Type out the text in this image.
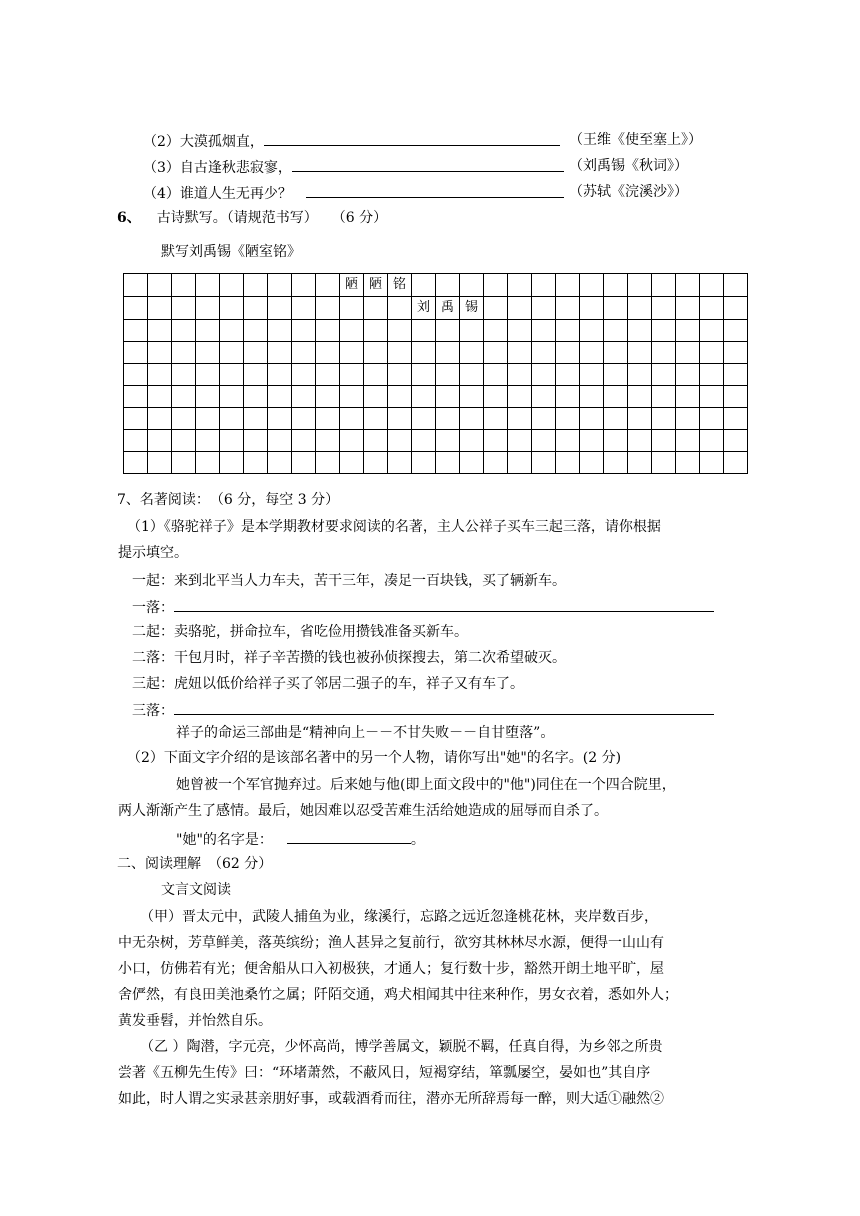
（2）大漠孤烟直，	（王维《使至塞上》）
（3）自古逢秋悲寂寥，	（刘禹锡《秋词》）
（4）谁道人生无再少？	（苏轼《浣溪沙》）
6、 古诗默写。（请规范书写） （6 分）
默写刘禹锡《陋室铭》
									陋	陋	铭														
												刘	禹	锡											

7、名著阅读：　（6 分，每空 3 分）
（1）《骆驼祥子》是本学期教材要求阅读的名著，主人公祥子买车三起三落，请你根据
提示填空。
一起：来到北平当人力车夫，苦干三年，凑足一百块钱，买了辆新车。
一落：
二起：卖骆驼，拼命拉车，省吃俭用攒钱准备买新车。
二落：干包月时，祥子辛苦攒的钱也被孙侦探搜去，第二次希望破灭。
三起：虎妞以低价给祥子买了邻居二强子的车，祥子又有车了。
三落：
祥子的命运三部曲是“精神向上－－不甘失败－－自甘堕落”。
（2）下面文字介绍的是该部名著中的另一个人物，请你写出"她"的名字。(2 分)
她曾被一个军官抛弃过。后来她与他(即上面文段中的"他")同住在一个四合院里，
两人渐渐产生了感情。最后，她因难以忍受苦难生活给她造成的屈辱而自杀了。
"她"的名字是：	。
二、阅读理解　（62 分）
文言文阅读
（甲）晋太元中，武陵人捕鱼为业，缘溪行，忘路之远近忽逢桃花林，夹岸数百步，
中无杂树，芳草鲜美，落英缤纷；渔人甚异之复前行，欲穷其林林尽水源，便得一山山有
小口，仿佛若有光；便舍船从口入初极狭，才通人；复行数十步，豁然开朗土地平旷，屋
舍俨然，有良田美池桑竹之属；阡陌交通，鸡犬相闻其中往来种作，男女衣着，悉如外人；
黄发垂髫，并怡然自乐。
（乙 ）陶潜，字元亮，少怀高尚，博学善属文，颖脱不羁，任真自得，为乡邻之所贵
尝著《五柳先生传》曰：“环堵萧然，不蔽风日，短褐穿结，箪瓢屡空，晏如也”其自序
如此，时人谓之实录甚亲朋好事，或载酒肴而往，潜亦无所辞焉每一醉，则大适①融然②
